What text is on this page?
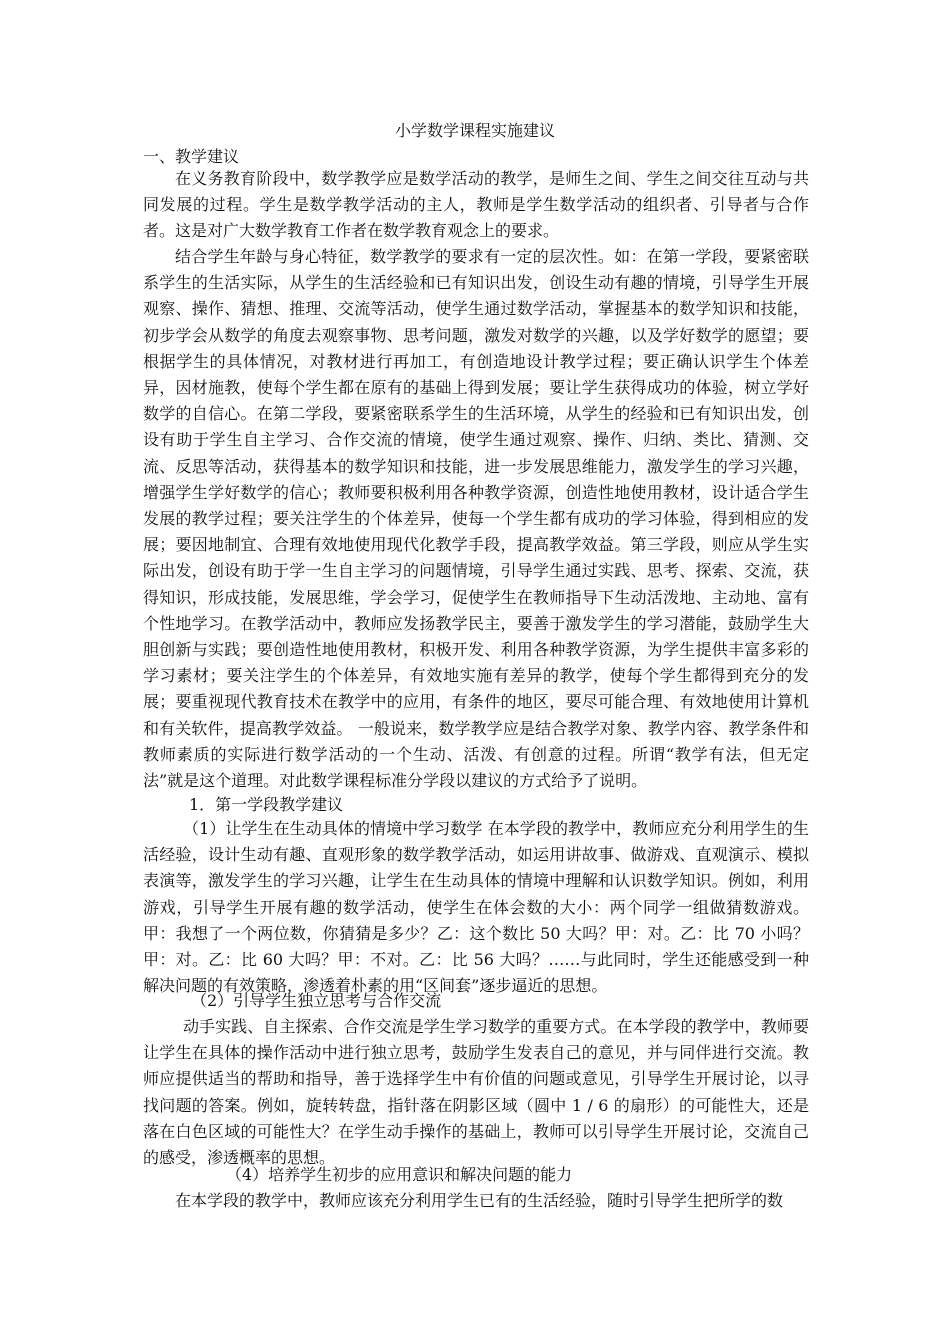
小学数学课程实施建议
一、教学建议
在义务教育阶段中，数学教学应是数学活动的教学，是师生之间、学生之间交往互动与共同发展的过程。学生是数学教学活动的主人，教师是学生数学活动的组织者、引导者与合作者。这是对广大数学教育工作者在数学教育观念上的要求。
结合学生年龄与身心特征，数学教学的要求有一定的层次性。如：在第一学段，要紧密联系学生的生活实际，从学生的生活经验和已有知识出发，创设生动有趣的情境，引导学生开展观察、操作、猜想、推理、交流等活动，使学生通过数学活动，掌握基本的数学知识和技能，初步学会从数学的角度去观察事物、思考问题，激发对数学的兴趣，以及学好数学的愿望；要根据学生的具体情况，对教材进行再加工，有创造地设计教学过程；要正确认识学生个体差异，因材施教，使每个学生都在原有的基础上得到发展；要让学生获得成功的体验，树立学好数学的自信心。在第二学段，要紧密联系学生的生活环境，从学生的经验和已有知识出发，创设有助于学生自主学习、合作交流的情境，使学生通过观察、操作、归纳、类比、猜测、交流、反思等活动，获得基本的数学知识和技能，进一步发展思维能力，激发学生的学习兴趣，增强学生学好数学的信心；教师要积极利用各种教学资源，创造性地使用教材，设计适合学生发展的教学过程；要关注学生的个体差异，使每一个学生都有成功的学习体验，得到相应的发展；要因地制宜、合理有效地使用现代化教学手段，提高教学效益。第三学段，则应从学生实际出发，创设有助于学一生自主学习的问题情境，引导学生通过实践、思考、探索、交流，获得知识，形成技能，发展思维，学会学习，促使学生在教师指导下生动活泼地、主动地、富有个性地学习。在教学活动中，教师应发扬教学民主，要善于激发学生的学习潜能，鼓励学生大胆创新与实践；要创造性地使用教材，积极开发、利用各种教学资源，为学生提供丰富多彩的学习素材；要关注学生的个体差异，有效地实施有差异的教学，使每个学生都得到充分的发展；要重视现代教育技术在教学中的应用，有条件的地区，要尽可能合理、有效地使用计算机和有关软件，提高教学效益。 一般说来，数学教学应是结合教学对象、教学内容、教学条件和教师素质的实际进行数学活动的一个生动、活泼、有创意的过程。所谓“教学有法，但无定法”就是这个道理。对此数学课程标准分学段以建议的方式给予了说明。
1．第一学段教学建议
（1）让学生在生动具体的情境中学习数学 在本学段的教学中，教师应充分利用学生的生活经验，设计生动有趣、直观形象的数学教学活动，如运用讲故事、做游戏、直观演示、模拟表演等，激发学生的学习兴趣，让学生在生动具体的情境中理解和认识数学知识。例如，利用游戏，引导学生开展有趣的数学活动，使学生在体会数的大小：两个同学一组做猜数游戏。甲：我想了一个两位数，你猜猜是多少？乙：这个数比 50 大吗？甲：对。乙：比 70 小吗？甲：对。乙：比 60 大吗？甲：不对。乙：比 56 大吗？……与此同时，学生还能感受到一种解决问题的有效策略，渗透着朴素的用“区间套”逐步逼近的思想。
（2）引导学生独立思考与合作交流
动手实践、自主探索、合作交流是学生学习数学的重要方式。在本学段的教学中，教师要让学生在具体的操作活动中进行独立思考，鼓励学生发表自己的意见，并与同伴进行交流。教师应提供适当的帮助和指导，善于选择学生中有价值的问题或意见，引导学生开展讨论，以寻找问题的答案。例如，旋转转盘，指针落在阴影区域（圆中 1 / 6 的扇形）的可能性大，还是落在白色区域的可能性大？在学生动手操作的基础上，教师可以引导学生开展讨论，交流自己的感受，渗透概率的思想。
（4）培养学生初步的应用意识和解决问题的能力
在本学段的教学中，教师应该充分利用学生已有的生活经验，随时引导学生把所学的数
